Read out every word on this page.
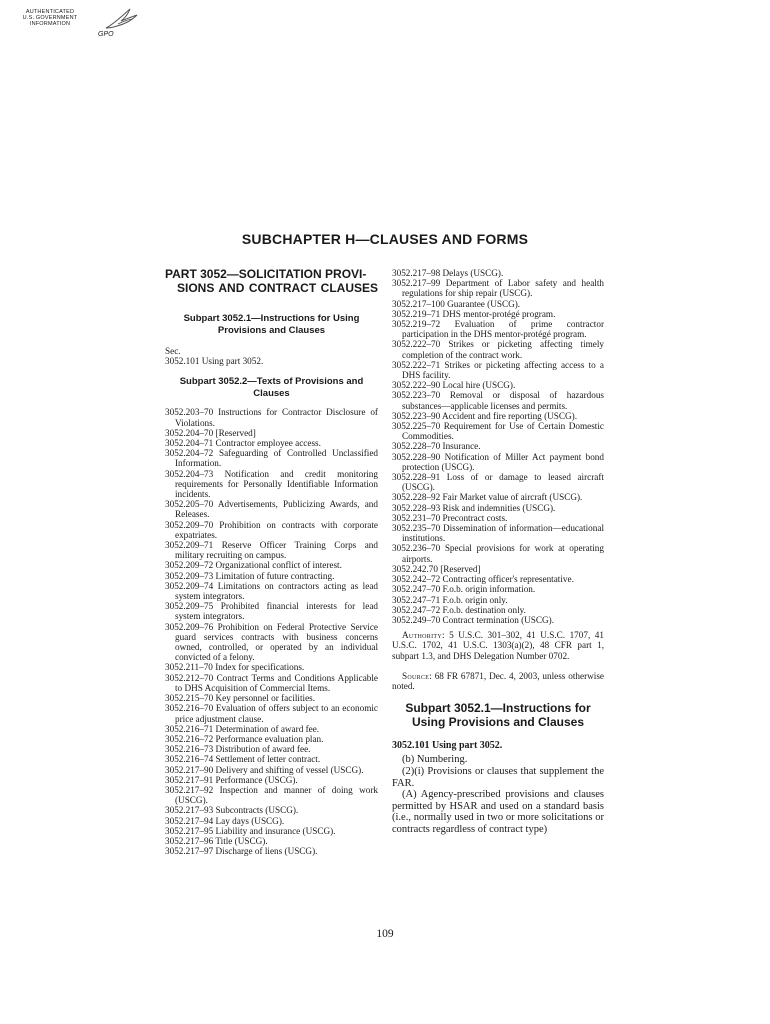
AUTHENTICATED
U.S. GOVERNMENT
INFORMATION
GPO
SUBCHAPTER H—CLAUSES AND FORMS
PART 3052—SOLICITATION PROVI-
SIONS AND CONTRACT CLAUSES
Subpart 3052.1—Instructions for Using Provisions and Clauses

Sec.

3052.101 Using part 3052.

Subpart 3052.2—Texts of Provisions and Clauses

3052.203–70 Instructions for Contractor Disclosure of Violations.

3052.204–70 [Reserved]

3052.204–71 Contractor employee access.

3052.204–72 Safeguarding of Controlled Unclassified Information.

3052.204–73 Notification and credit monitoring requirements for Personally Identifiable Information incidents.

3052.205–70 Advertisements, Publicizing Awards, and Releases.

3052.209–70 Prohibition on contracts with corporate expatriates.

3052.209–71 Reserve Officer Training Corps and military recruiting on campus.

3052.209–72 Organizational conflict of interest.

3052.209–73 Limitation of future contracting.

3052.209–74 Limitations on contractors acting as lead system integrators.

3052.209–75 Prohibited financial interests for lead system integrators.

3052.209–76 Prohibition on Federal Protective Service guard services contracts with business concerns owned, controlled, or operated by an individual convicted of a felony.

3052.211–70 Index for specifications.

3052.212–70 Contract Terms and Conditions Applicable to DHS Acquisition of Commercial Items.

3052.215–70 Key personnel or facilities.

3052.216–70 Evaluation of offers subject to an economic price adjustment clause.

3052.216–71 Determination of award fee.

3052.216–72 Performance evaluation plan.

3052.216–73 Distribution of award fee.

3052.216–74 Settlement of letter contract.

3052.217–90 Delivery and shifting of vessel (USCG).

3052.217–91 Performance (USCG).

3052.217–92 Inspection and manner of doing work (USCG).

3052.217–93 Subcontracts (USCG).

3052.217–94 Lay days (USCG).

3052.217–95 Liability and insurance (USCG).

3052.217–96 Title (USCG).

3052.217–97 Discharge of liens (USCG).

3052.217–98 Delays (USCG).

3052.217–99 Department of Labor safety and health regulations for ship repair (USCG).

3052.217–100 Guarantee (USCG).

3052.219–71 DHS mentor-protégé program.

3052.219–72 Evaluation of prime contractor participation in the DHS mentor-protégé program.

3052.222–70 Strikes or picketing affecting timely completion of the contract work.

3052.222–71 Strikes or picketing affecting access to a DHS facility.

3052.222–90 Local hire (USCG).

3052.223–70 Removal or disposal of hazardous substances—applicable licenses and permits.

3052.223–90 Accident and fire reporting (USCG).

3052.225–70 Requirement for Use of Certain Domestic Commodities.

3052.228–70 Insurance.

3052.228–90 Notification of Miller Act payment bond protection (USCG).

3052.228–91 Loss of or damage to leased aircraft (USCG).

3052.228–92 Fair Market value of aircraft (USCG).

3052.228–93 Risk and indemnities (USCG).

3052.231–70 Precontract costs.

3052.235–70 Dissemination of information—educational institutions.

3052.236–70 Special provisions for work at operating airports.

3052.242.70 [Reserved]

3052.242–72 Contracting officer's representative.

3052.247–70 F.o.b. origin information.

3052.247–71 F.o.b. origin only.

3052.247–72 F.o.b. destination only.

3052.249–70 Contract termination (USCG).

Authority: 5 U.S.C. 301–302, 41 U.S.C. 1707, 41 U.S.C. 1702, 41 U.S.C. 1303(a)(2), 48 CFR part 1, subpart 1.3, and DHS Delegation Number 0702.

Source: 68 FR 67871, Dec. 4, 2003, unless otherwise noted.

Subpart 3052.1—Instructions for Using Provisions and Clauses

3052.101 Using part 3052.

(b) Numbering.

(2)(i) Provisions or clauses that supplement the FAR.

(A) Agency-prescribed provisions and clauses permitted by HSAR and used on a standard basis (i.e., normally used in two or more solicitations or contracts regardless of contract type)

109
